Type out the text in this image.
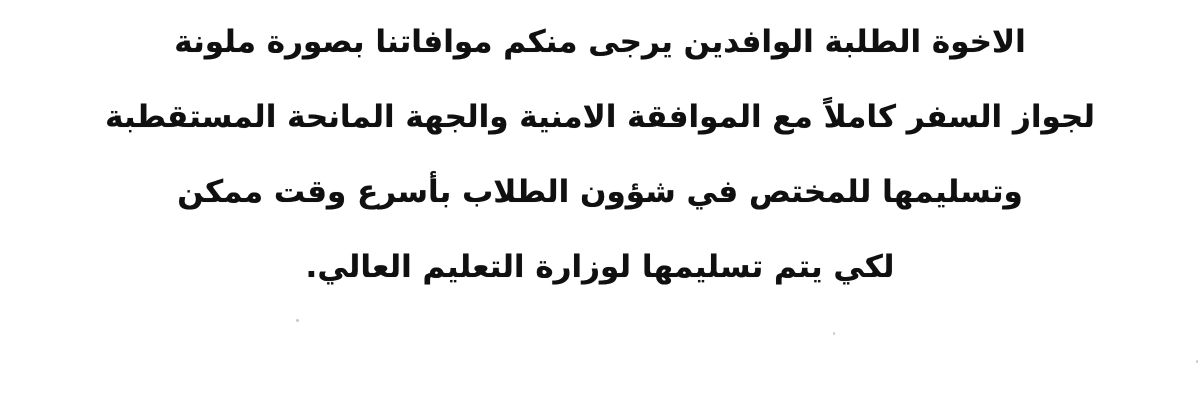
الاخوة الطلبة الوافدين يرجى منكم موافاتنا بصورة ملونة

لجواز السفر كاملاً مع الموافقة الامنية والجهة المانحة المستقطبة

وتسليمها للمختص في شؤون الطلاب بأسرع وقت ممكن

لكي يتم تسليمها لوزارة التعليم العالي.
